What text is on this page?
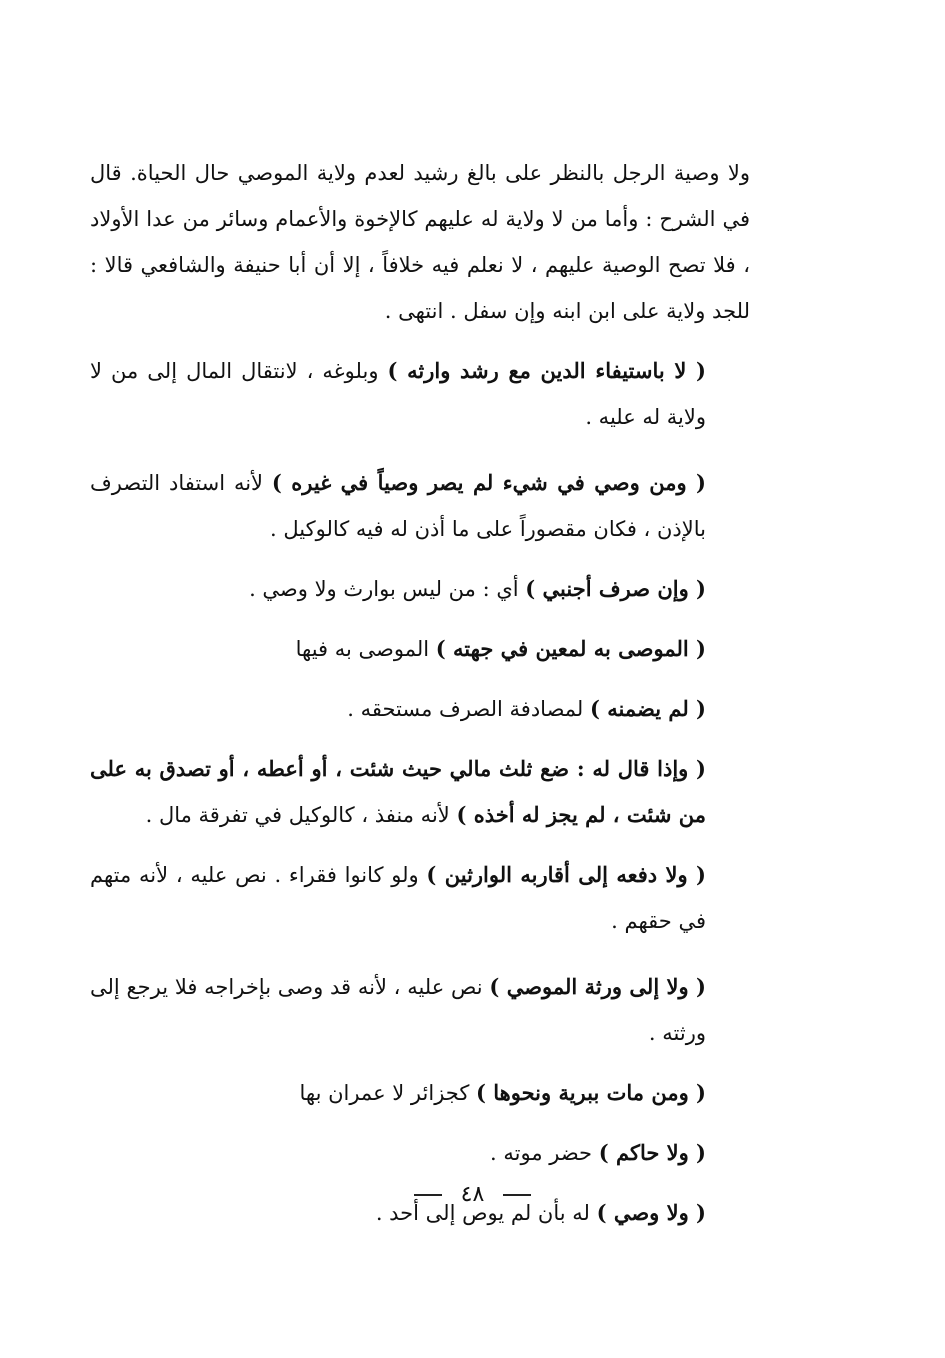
ولا وصية الرجل بالنظر على بالغ رشيد لعدم ولاية الموصي حال الحياة. قال في الشرح : وأما من لا ولاية له عليهم كالإخوة والأعمام وسائر من عدا الأولاد ، فلا تصح الوصية عليهم ، لا نعلم فيه خلافاً ، إلا أن أبا حنيفة والشافعي قالا : للجد ولاية على ابن ابنه وإن سفل . انتهى .

( لا باستيفاء الدين مع رشد وارثه ) وبلوغه ، لانتقال المال إلى من لا ولاية له عليه .

( ومن وصي في شيء لم يصر وصياً في غيره ) لأنه استفاد التصرف بالإذن ، فكان مقصوراً على ما أذن له فيه كالوكيل .

( وإن صرف أجنبي ) أي : من ليس بوارث ولا وصي .

( الموصى به لمعين في جهته ) الموصى به فيها

( لم يضمنه ) لمصادفة الصرف مستحقه .

( وإذا قال له : ضع ثلث مالي حيث شئت ، أو أعطه ، أو تصدق به على من شئت ، لم يجز له أخذه ) لأنه منفذ ، كالوكيل في تفرقة مال .

( ولا دفعه إلى أقاربه الوارثين ) ولو كانوا فقراء . نص عليه ، لأنه متهم في حقهم .

( ولا إلى ورثة الموصي ) نص عليه ، لأنه قد وصى بإخراجه فلا يرجع إلى ورثته .

( ومن مات ببرية ونحوها ) كجزائر لا عمران بها

( ولا حاكم ) حضر موته .

( ولا وصي ) له بأن لم يوص إلى أحد .

٤٨
